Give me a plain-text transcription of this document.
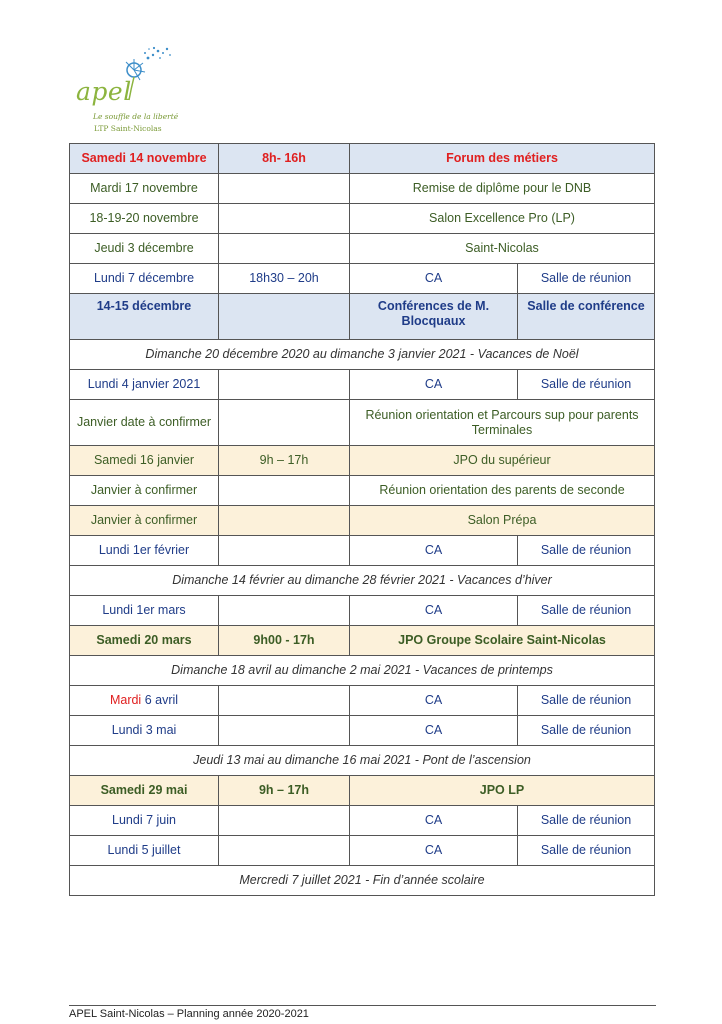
apel
Le souffle de la liberté
LTP Saint-Nicolas
Samedi 14 novembre	8h- 16h	Forum des métiers	
Mardi 17 novembre		Remise de diplôme pour le DNB	
18-19-20 novembre		Salon Excellence Pro (LP)	
Jeudi 3 décembre		Saint-Nicolas	
Lundi 7 décembre	18h30 – 20h	CA	Salle de réunion
14-15 décembre		Conférences de M. Blocquaux	Salle de conférence
Dimanche 20 décembre 2020 au dimanche 3 janvier 2021 - Vacances de Noël			
Lundi 4 janvier 2021		CA	Salle de réunion
Janvier date à confirmer		Réunion orientation et Parcours sup pour parents Terminales	
Samedi 16 janvier	9h – 17h	JPO du supérieur	
Janvier à confirmer		Réunion orientation des parents de seconde	
Janvier à confirmer		Salon Prépa	
Lundi 1er février		CA	Salle de réunion
Dimanche 14 février au dimanche 28 février 2021 - Vacances d’hiver			
Lundi 1er mars		CA	Salle de réunion
Samedi 20 mars	9h00 - 17h	JPO Groupe Scolaire Saint-Nicolas	
Dimanche 18 avril au dimanche 2 mai 2021 - Vacances de printemps			
Mardi 6 avril		CA	Salle de réunion
Lundi 3 mai		CA	Salle de réunion
Jeudi 13 mai au dimanche 16 mai 2021 - Pont de l’ascension			
Samedi 29 mai	9h – 17h	JPO LP	
Lundi 7 juin		CA	Salle de réunion
Lundi 5 juillet		CA	Salle de réunion
Mercredi 7 juillet 2021 - Fin d’année scolaire			
APEL Saint-Nicolas – Planning année 2020-2021
